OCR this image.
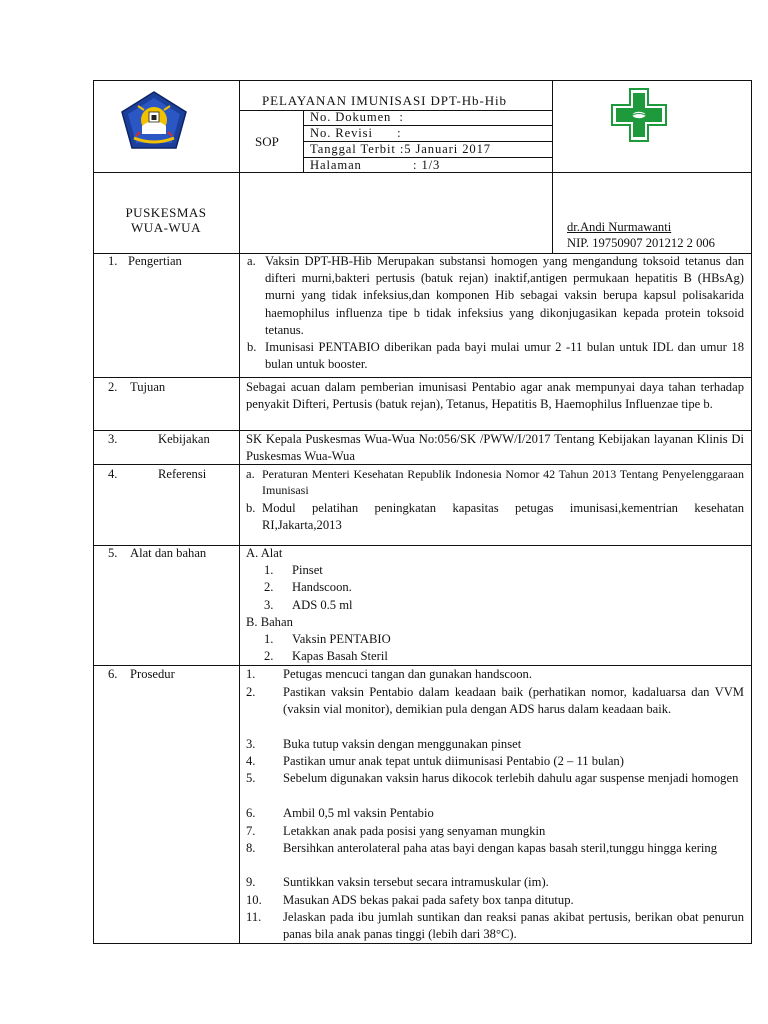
PELAYANAN IMUNISASI DPT-Hb-Hib
SOP
No. Dokumen  :
No. Revisi      :
Tanggal Terbit :5 Januari 2017
Halaman	: 1/3
PUSKESMAS
WUA-WUA	dr.Andi Nurmawanti
NIP. 19750907 201212 2 006
1. Pengertian	a. Vaksin DPT-HB-Hib Merupakan substansi homogen yang mengandung toksoid tetanus dan difteri murni,bakteri pertusis (batuk rejan) inaktif,antigen permukaan hepatitis B (HBsAg) murni yang tidak infeksius,dan komponen Hib sebagai vaksin berupa kapsul polisakarida haemophilus influenza tipe b tidak infeksius yang dikonjugasikan kepada protein toksoid tetanus.
b. Imunisasi PENTABIO diberikan pada bayi mulai umur 2 -11 bulan untuk IDL dan umur 18 bulan untuk booster.
2. Tujuan	Sebagai acuan dalam pemberian imunisasi Pentabio agar anak mempunyai daya tahan terhadap penyakit Difteri, Pertusis (batuk rejan), Tetanus, Hepatitis B, Haemophilus Influenzae tipe b.
3.	Kebijakan	SK Kepala Puskesmas Wua-Wua No:056/SK /PWW/I/2017 Tentang Kebijakan layanan Klinis Di Puskesmas Wua-Wua
4.	Referensi	a. Peraturan Menteri Kesehatan Republik Indonesia Nomor 42 Tahun 2013 Tentang Penyelenggaraan Imunisasi
b. Modul pelatihan peningkatan kapasitas petugas imunisasi,kementrian kesehatan RI,Jakarta,2013
5. Alat dan bahan	A. Alat
1. Pinset
2. Handscoon.
3. ADS 0.5 ml
B. Bahan
1. Vaksin PENTABIO
2. Kapas Basah Steril
6. Prosedur	1. Petugas mencuci tangan dan gunakan handscoon.
2. Pastikan vaksin Pentabio dalam keadaan baik (perhatikan nomor, kadaluarsa dan VVM (vaksin vial monitor), demikian pula dengan ADS harus dalam keadaan baik.
3. Buka tutup vaksin dengan menggunakan pinset
4. Pastikan umur anak tepat untuk diimunisasi Pentabio (2 – 11 bulan)
5. Sebelum digunakan vaksin harus dikocok terlebih dahulu agar suspense menjadi homogen
6. Ambil 0,5 ml vaksin Pentabio
7. Letakkan anak pada posisi yang senyaman mungkin
8. Bersihkan anterolateral paha atas bayi dengan kapas basah steril,tunggu hingga kering
9. Suntikkan vaksin tersebut secara intramuskular (im).
10. Masukan ADS bekas pakai pada safety box tanpa ditutup.
11. Jelaskan pada ibu jumlah suntikan dan reaksi panas akibat pertusis, berikan obat penurun panas bila anak panas tinggi (lebih dari 38°C).
